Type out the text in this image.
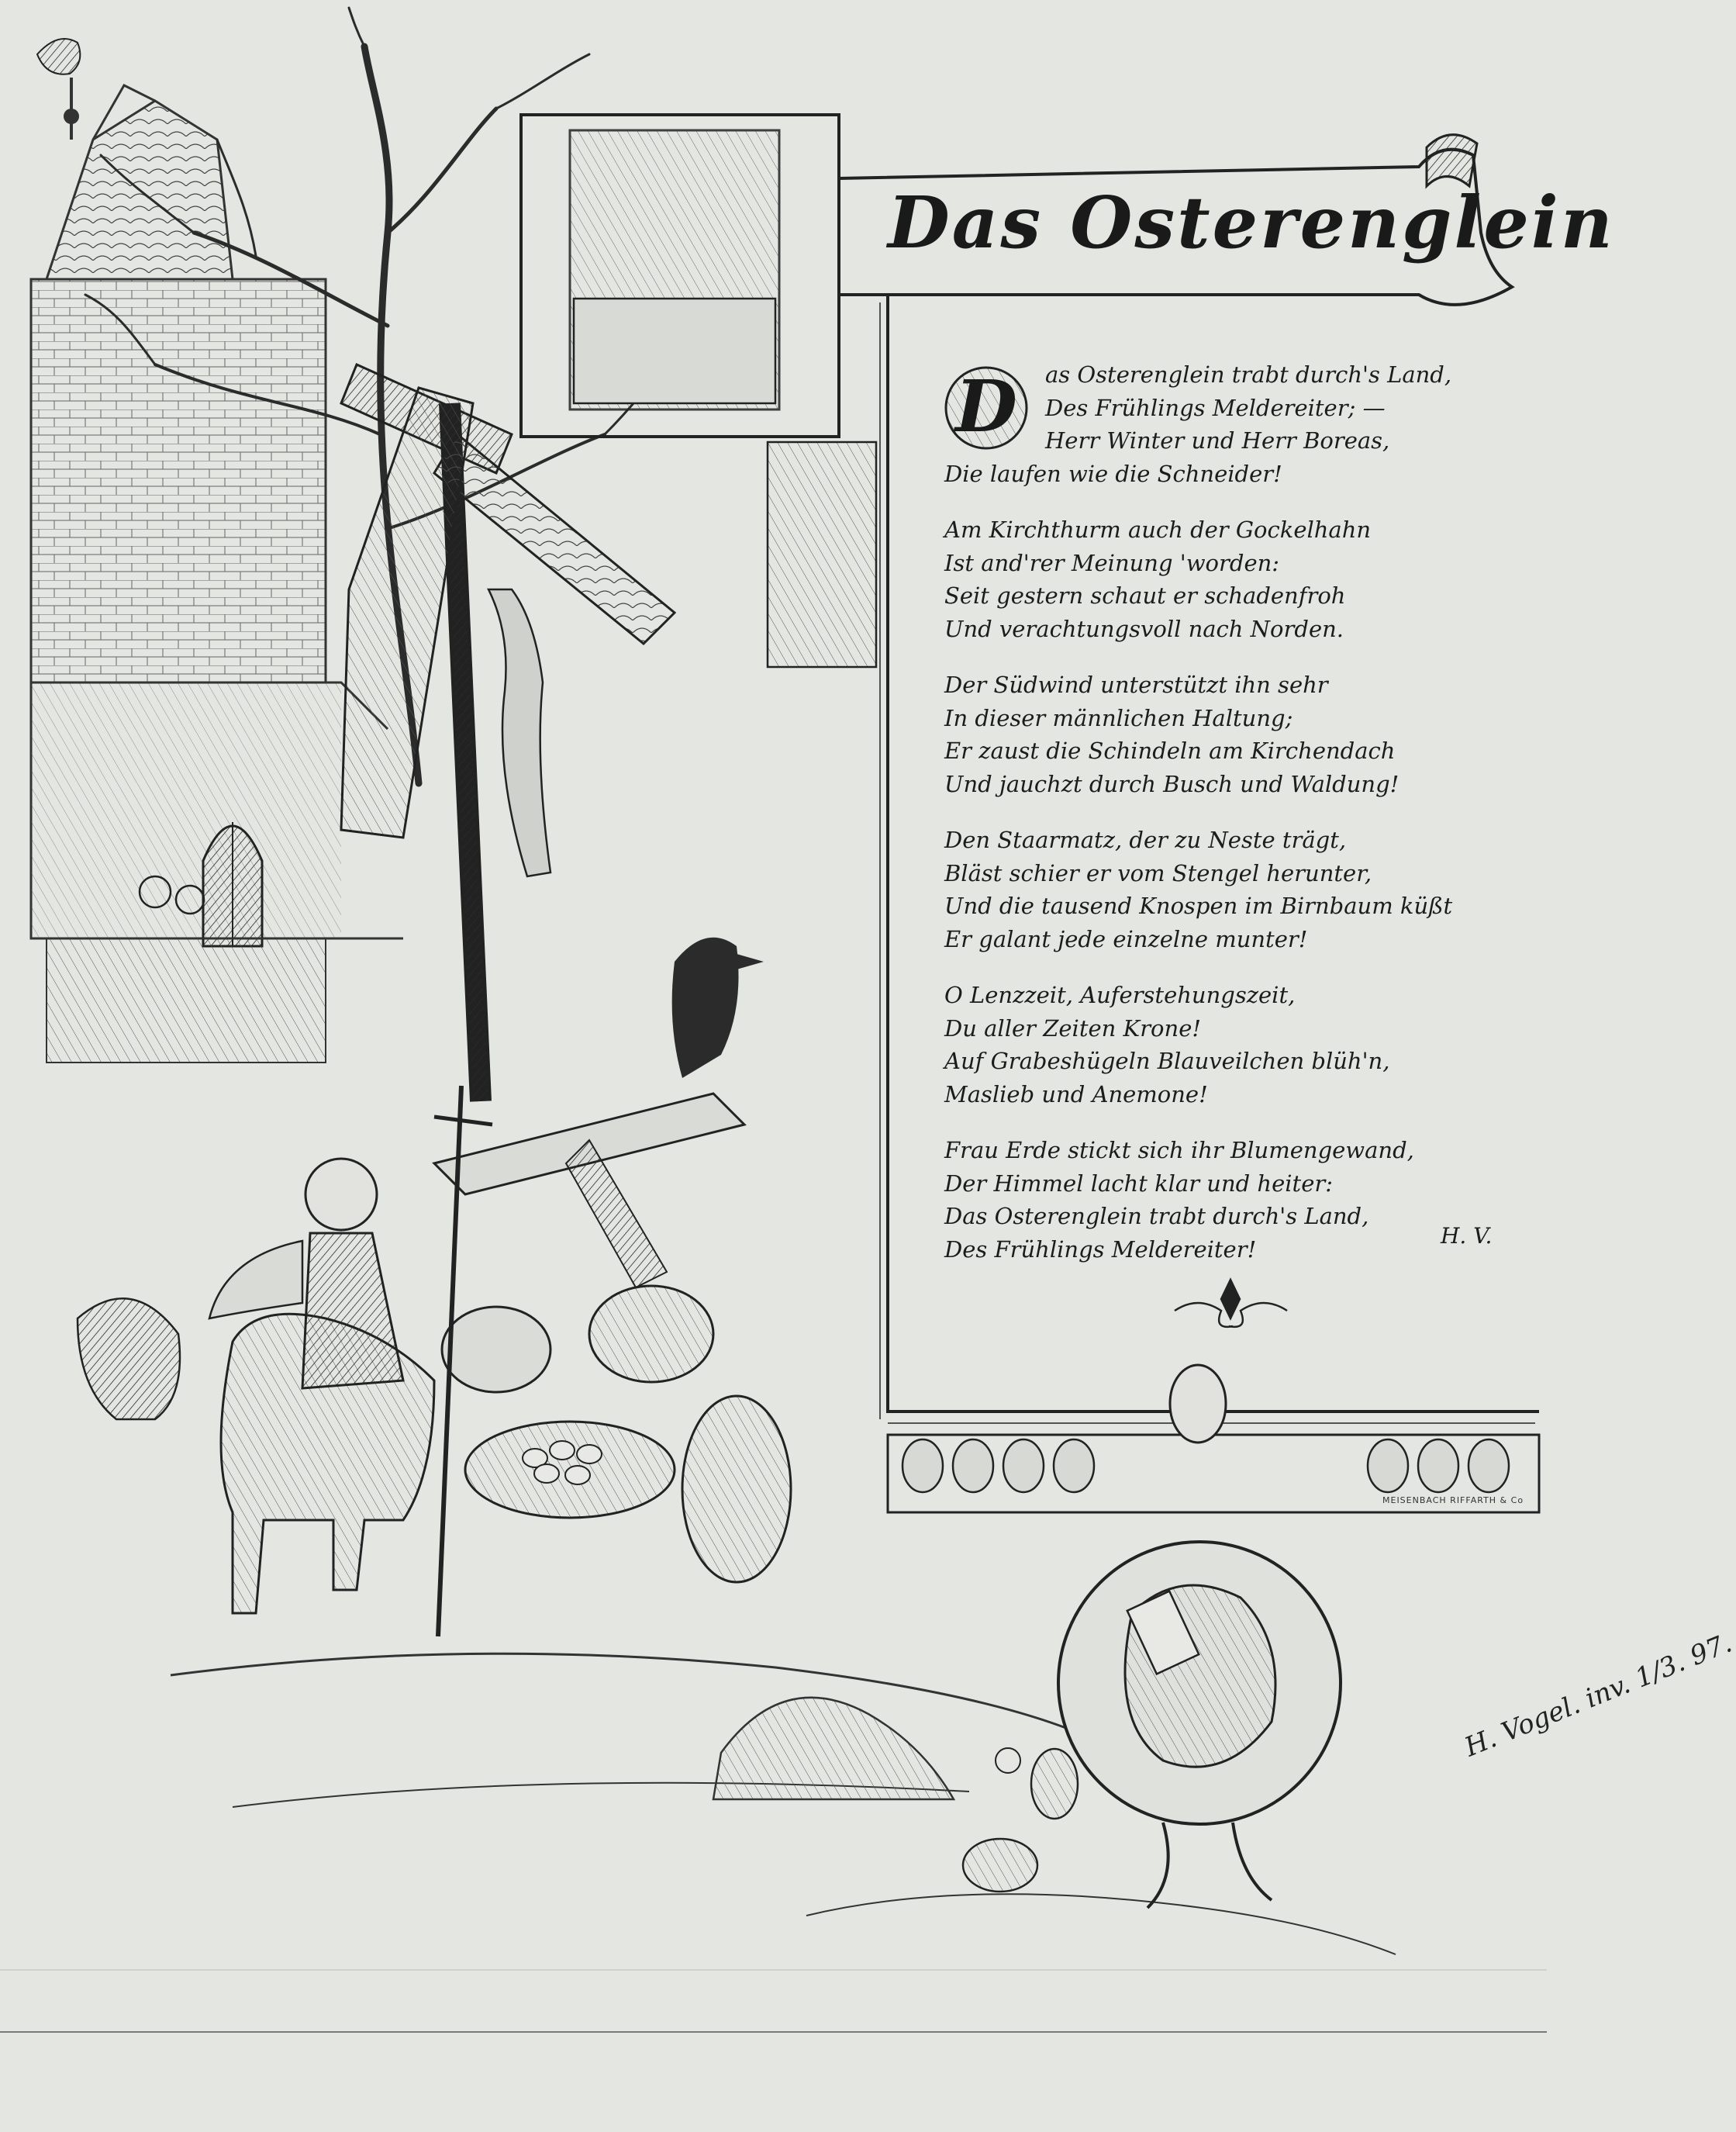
Das Osterenglein
D	as Osterenglein trabt durch's Land,
Des Frühlings Meldereiter; —
Herr Winter und Herr Boreas,
Die laufen wie die Schneider!
Am Kirchthurm auch der Gockelhahn
Ist and'rer Meinung 'worden:
Seit gestern schaut er schadenfroh
Und verachtungsvoll nach Norden.
Der Südwind unterstützt ihn sehr
In dieser männlichen Haltung;
Er zaust die Schindeln am Kirchendach
Und jauchzt durch Busch und Waldung!
Den Staarmatz, der zu Neste trägt,
Bläst schier er vom Stengel herunter,
Und die tausend Knospen im Birnbaum küßt
Er galant jede einzelne munter!
O Lenzzeit, Auferstehungszeit,
Du aller Zeiten Krone!
Auf Grabeshügeln Blauveilchen blüh'n,
Maslieb und Anemone!
Frau Erde stickt sich ihr Blumengewand,
Der Himmel lacht klar und heiter:
Das Osterenglein trabt durch's Land,
Des Frühlings Meldereiter!	H. V.
MEISENBACH RIFFARTH & Co
H. Vogel. inv. 1/3. 97.
